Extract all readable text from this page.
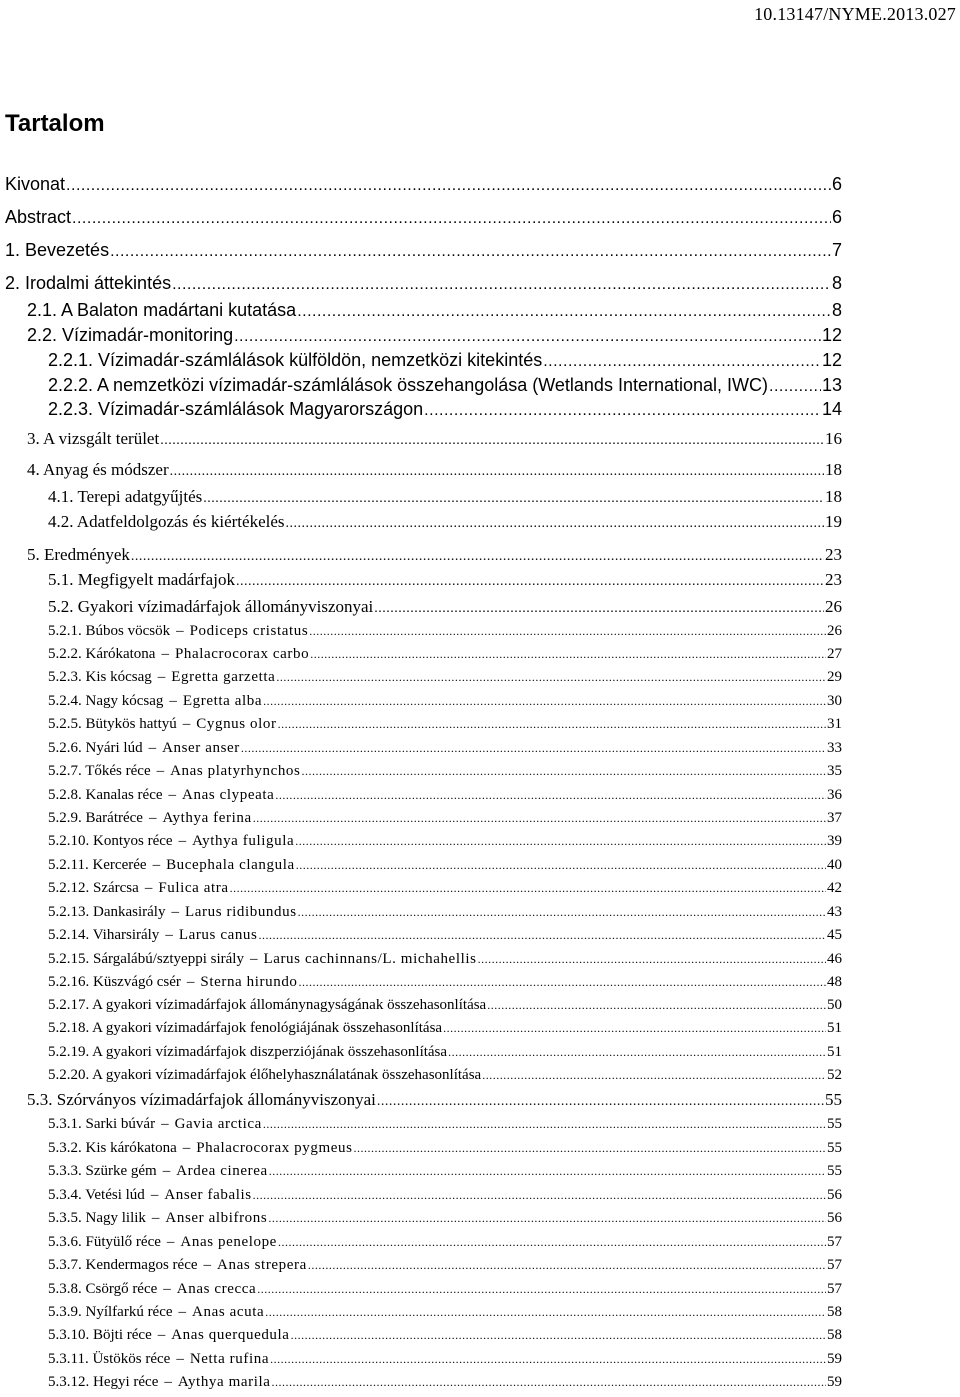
10.13147/NYME.2013.027
Tartalom
Kivonat .....	6
Abstract .....	6
1. Bevezetés .....	7
2. Irodalmi áttekintés .....	8
2.1. A Balaton madártani kutatása .....	8
2.2. Vízimadár-monitoring .....	12
2.2.1. Vízimadár-számlálások külföldön, nemzetközi kitekintés .....	12
2.2.2. A nemzetközi vízimadár-számlálások összehangolása (Wetlands International, IWC) .....	13
2.2.3. Vízimadár-számlálások Magyarországon .....	14
3. A vizsgált terület .....	16
4. Anyag és módszer .....	18
4.1. Terepi adatgyűjtés .....	18
4.2. Adatfeldolgozás és kiértékelés .....	19
5. Eredmények .....	23
5.1. Megfigyelt madárfajok .....	23
5.2. Gyakori vízimadárfajok állományviszonyai .....	26
5.2.1. Búbos vöcsök – Podiceps cristatus .....	26
5.2.2. Kárókatona – Phalacrocorax carbo .....	27
5.2.3. Kis kócsag – Egretta garzetta .....	29
5.2.4. Nagy kócsag – Egretta alba .....	30
5.2.5. Bütykös hattyú – Cygnus olor .....	31
5.2.6. Nyári lúd – Anser anser .....	33
5.2.7. Tőkés réce – Anas platyrhynchos .....	35
5.2.8. Kanalas réce – Anas clypeata .....	36
5.2.9. Barátréce – Aythya ferina .....	37
5.2.10. Kontyos réce – Aythya fuligula .....	39
5.2.11. Kercerée – Bucephala clangula .....	40
5.2.12. Szárcsa – Fulica atra .....	42
5.2.13. Dankasirály – Larus ridibundus .....	43
5.2.14. Viharsirály – Larus canus .....	45
5.2.15. Sárgalábú/sztyeppi sirály – Larus cachinnans/L. michahellis .....	46
5.2.16. Küszvágó csér – Sterna hirundo .....	48
5.2.17. A gyakori vízimadárfajok állománynagyságának összehasonlítása .....	50
5.2.18. A gyakori vízimadárfajok fenológiájának összehasonlítása .....	51
5.2.19. A gyakori vízimadárfajok diszperziójának összehasonlítása .....	51
5.2.20. A gyakori vízimadárfajok élőhelyhasználatának összehasonlítása .....	52
5.3. Szórványos vízimadárfajok állományviszonyai .....	55
5.3.1. Sarki búvár – Gavia arctica .....	55
5.3.2. Kis kárókatona – Phalacrocorax pygmeus .....	55
5.3.3. Szürke gém – Ardea cinerea .....	55
5.3.4. Vetési lúd – Anser fabalis .....	56
5.3.5. Nagy lilik – Anser albifrons .....	56
5.3.6. Fütyülő réce – Anas penelope .....	57
5.3.7. Kendermagos réce – Anas strepera .....	57
5.3.8. Csörgő réce – Anas crecca .....	57
5.3.9. Nyílfarkú réce – Anas acuta .....	58
5.3.10. Böjti réce – Anas querquedula .....	58
5.3.11. Üstökös réce – Netta rufina .....	59
5.3.12. Hegyi réce – Aythya marila .....	59
